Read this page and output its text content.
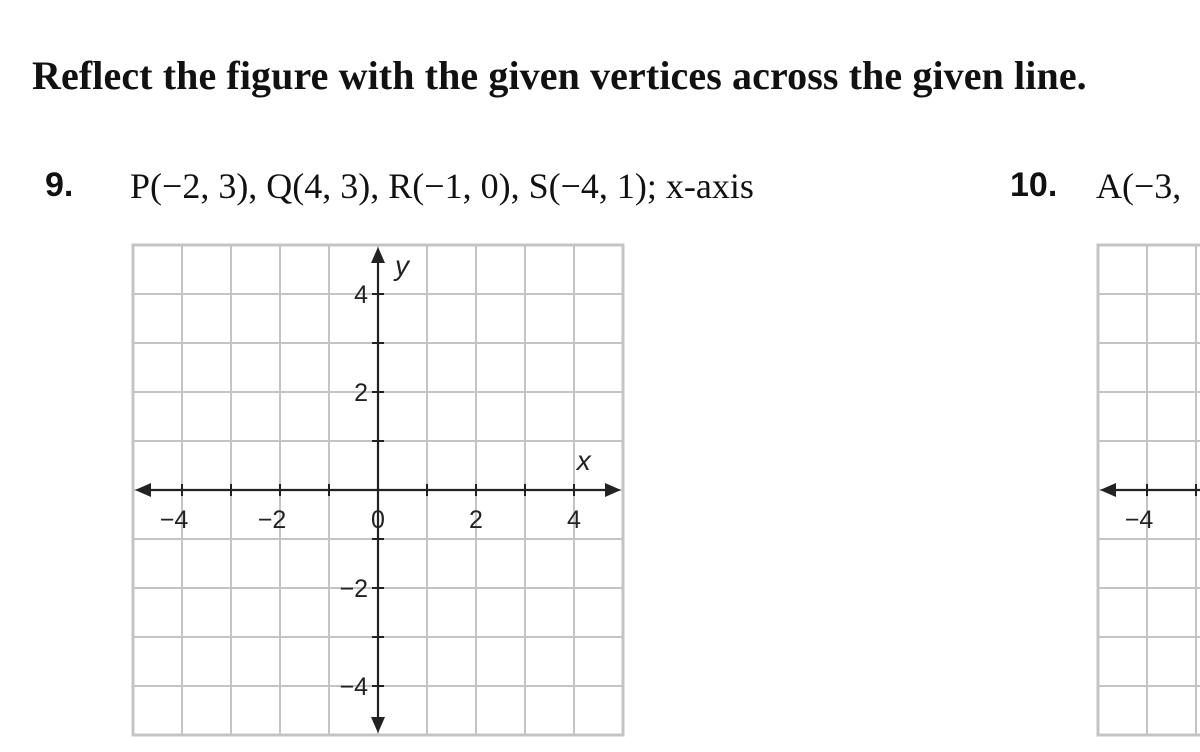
Reflect the figure with the given vertices across the given line.
9. P(−2, 3), Q(4, 3), R(−1, 0), S(−4, 1); x-axis	10. A(−3,
−4	−2	0	2	4
4
2
−2
−4
x
y
−4
